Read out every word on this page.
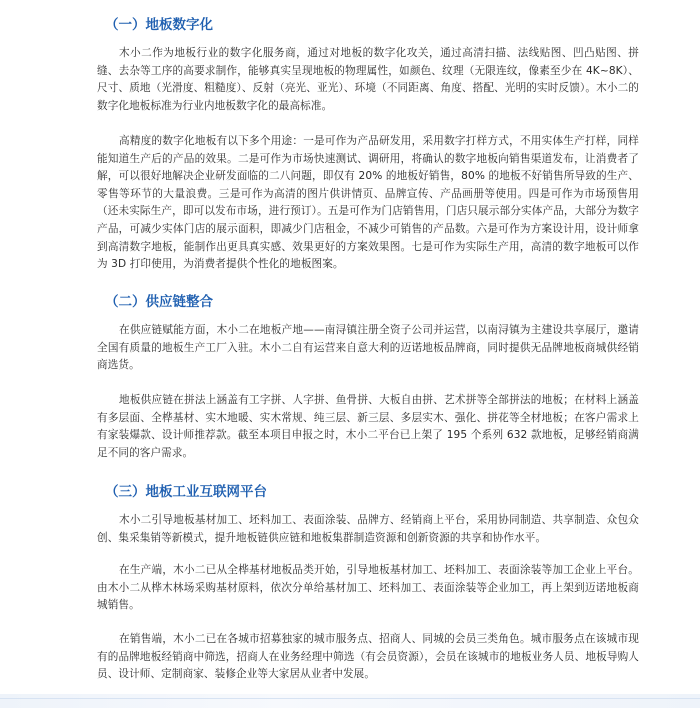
（一）地板数字化
木小二作为地板行业的数字化服务商，通过对地板的数字化攻关，通过高清扫描、法线贴图、凹凸贴图、拼缝、去杂等工序的高要求制作，能够真实呈现地板的物理属性，如颜色、纹理（无限连纹，像素至少在 4K~8K）、尺寸、质地（光滑度、粗糙度）、反射（亮光、亚光）、环境（不同距离、角度、搭配、光明的实时反馈）。木小二的数字化地板标准为行业内地板数字化的最高标准。
高精度的数字化地板有以下多个用途：一是可作为产品研发用，采用数字打样方式，不用实体生产打样，同样能知道生产后的产品的效果。二是可作为市场快速测试、调研用，将确认的数字地板向销售渠道发布，让消费者了解，可以很好地解决企业研发面临的二八问题，即仅有 20% 的地板好销售，80% 的地板不好销售所导致的生产、零售等环节的大量浪费。三是可作为高清的图片供讲情页、品牌宣传、产品画册等使用。四是可作为市场预售用（还未实际生产，即可以发布市场，进行预订）。五是可作为门店销售用，门店只展示部分实体产品，大部分为数字产品，可减少实体门店的展示面积，即减少门店租金，不减少可销售的产品数。六是可作为方案设计用，设计师拿到高清数字地板，能制作出更具真实感、效果更好的方案效果图。七是可作为实际生产用，高清的数字地板可以作为 3D 打印使用，为消费者提供个性化的地板图案。
（二）供应链整合
在供应链赋能方面，木小二在地板产地——南浔镇注册全资子公司并运营，以南浔镇为主建设共享展厅，邀请全国有质量的地板生产工厂入驻。木小二自有运营来自意大利的迈诺地板品牌商，同时提供无品牌地板商城供经销商选货。
地板供应链在拼法上涵盖有工字拼、人字拼、鱼骨拼、大板自由拼、艺术拼等全部拼法的地板；在材料上涵盖有多层面、全桦基材、实木地暖、实木常规、纯三层、新三层、多层实木、强化、拼花等全材地板；在客户需求上有家装爆款、设计师推荐款。截至本项目申报之时，木小二平台已上架了 195 个系列 632 款地板，足够经销商满足不同的客户需求。
（三）地板工业互联网平台
木小二引导地板基材加工、坯料加工、表面涂装、品牌方、经销商上平台，采用协同制造、共享制造、众包众创、集采集销等新模式，提升地板链供应链和地板集群制造资源和创新资源的共享和协作水平。
在生产端，木小二已从全桦基材地板品类开始，引导地板基材加工、坯料加工、表面涂装等加工企业上平台。由木小二从桦木林场采购基材原料，依次分单给基材加工、坯料加工、表面涂装等企业加工，再上架到迈诺地板商城销售。
在销售端，木小二已在各城市招募独家的城市服务点、招商人、同城的会员三类角色。城市服务点在该城市现有的品牌地板经销商中筛选，招商人在业务经理中筛选（有会员资源），会员在该城市的地板业务人员、地板导购人员、设计师、定制商家、装修企业等大家居从业者中发展。
